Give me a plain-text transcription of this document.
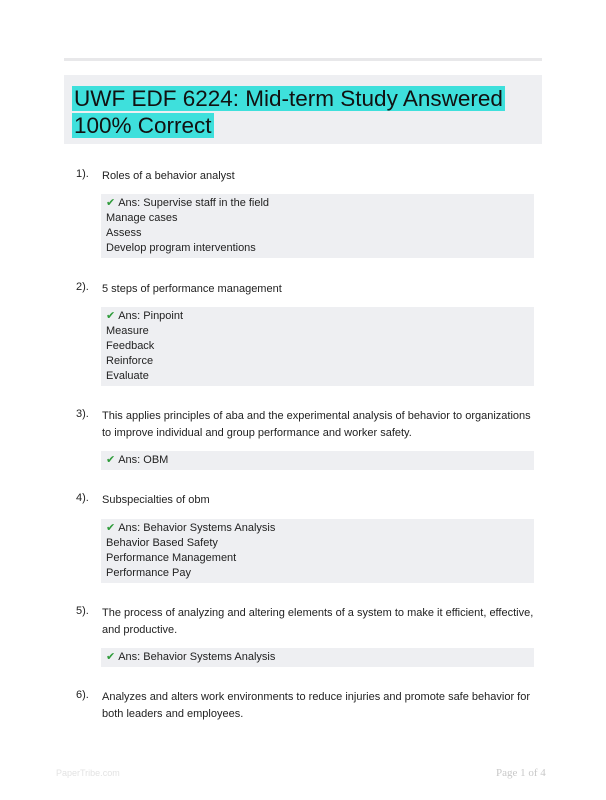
UWF EDF 6224: Mid-term Study Answered 100% Correct
1). Roles of a behavior analyst
✔ Ans: Supervise staff in the field
Manage cases
Assess
Develop program interventions
2). 5 steps of performance management
✔ Ans: Pinpoint
Measure
Feedback
Reinforce
Evaluate
3). This applies principles of aba and the experimental analysis of behavior to organizations to improve individual and group performance and worker safety.
✔ Ans: OBM
4). Subspecialties of obm
✔ Ans: Behavior Systems Analysis
Behavior Based Safety
Performance Management
Performance Pay
5). The process of analyzing and altering elements of a system to make it efficient, effective, and productive.
✔ Ans: Behavior Systems Analysis
6). Analyzes and alters work environments to reduce injuries and promote safe behavior for both leaders and employees.
PaperTribe.com	Page 1 of 4
